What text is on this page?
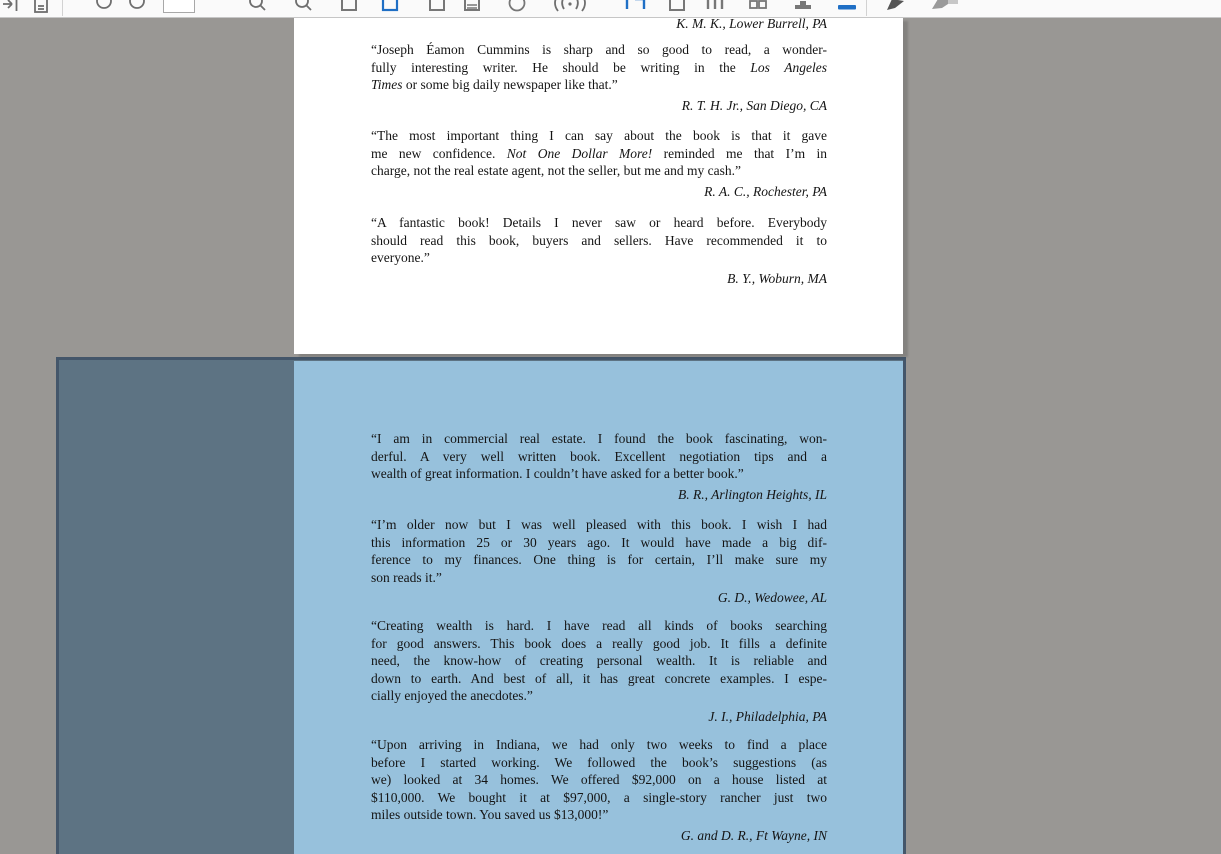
K. M. K., Lower Burrell, PA
“Joseph Éamon Cummins is sharp and so good to read, a wonder-
fully interesting writer. He should be writing in the Los Angeles
Times or some big daily newspaper like that.”
R. T. H. Jr., San Diego, CA
“The most important thing I can say about the book is that it gave
me new confidence. Not One Dollar More! reminded me that I’m in
charge, not the real estate agent, not the seller, but me and my cash.”
R. A. C., Rochester, PA
“A fantastic book! Details I never saw or heard before. Everybody
should read this book, buyers and sellers. Have recommended it to
everyone.”
B. Y., Woburn, MA
“I am in commercial real estate. I found the book fascinating, won-
derful. A very well written book. Excellent negotiation tips and a
wealth of great information. I couldn’t have asked for a better book.”
B. R., Arlington Heights, IL
“I’m older now but I was well pleased with this book. I wish I had
this information 25 or 30 years ago. It would have made a big dif-
ference to my finances. One thing is for certain, I’ll make sure my
son reads it.”
G. D., Wedowee, AL
“Creating wealth is hard. I have read all kinds of books searching
for good answers. This book does a really good job. It fills a definite
need, the know-how of creating personal wealth. It is reliable and
down to earth. And best of all, it has great concrete examples. I espe-
cially enjoyed the anecdotes.”
J. I., Philadelphia, PA
“Upon arriving in Indiana, we had only two weeks to find a place
before I started working. We followed the book’s suggestions (as
we) looked at 34 homes. We offered $92,000 on a house listed at
$110,000. We bought it at $97,000, a single-story rancher just two
miles outside town. You saved us $13,000!”
G. and D. R., Ft Wayne, IN
